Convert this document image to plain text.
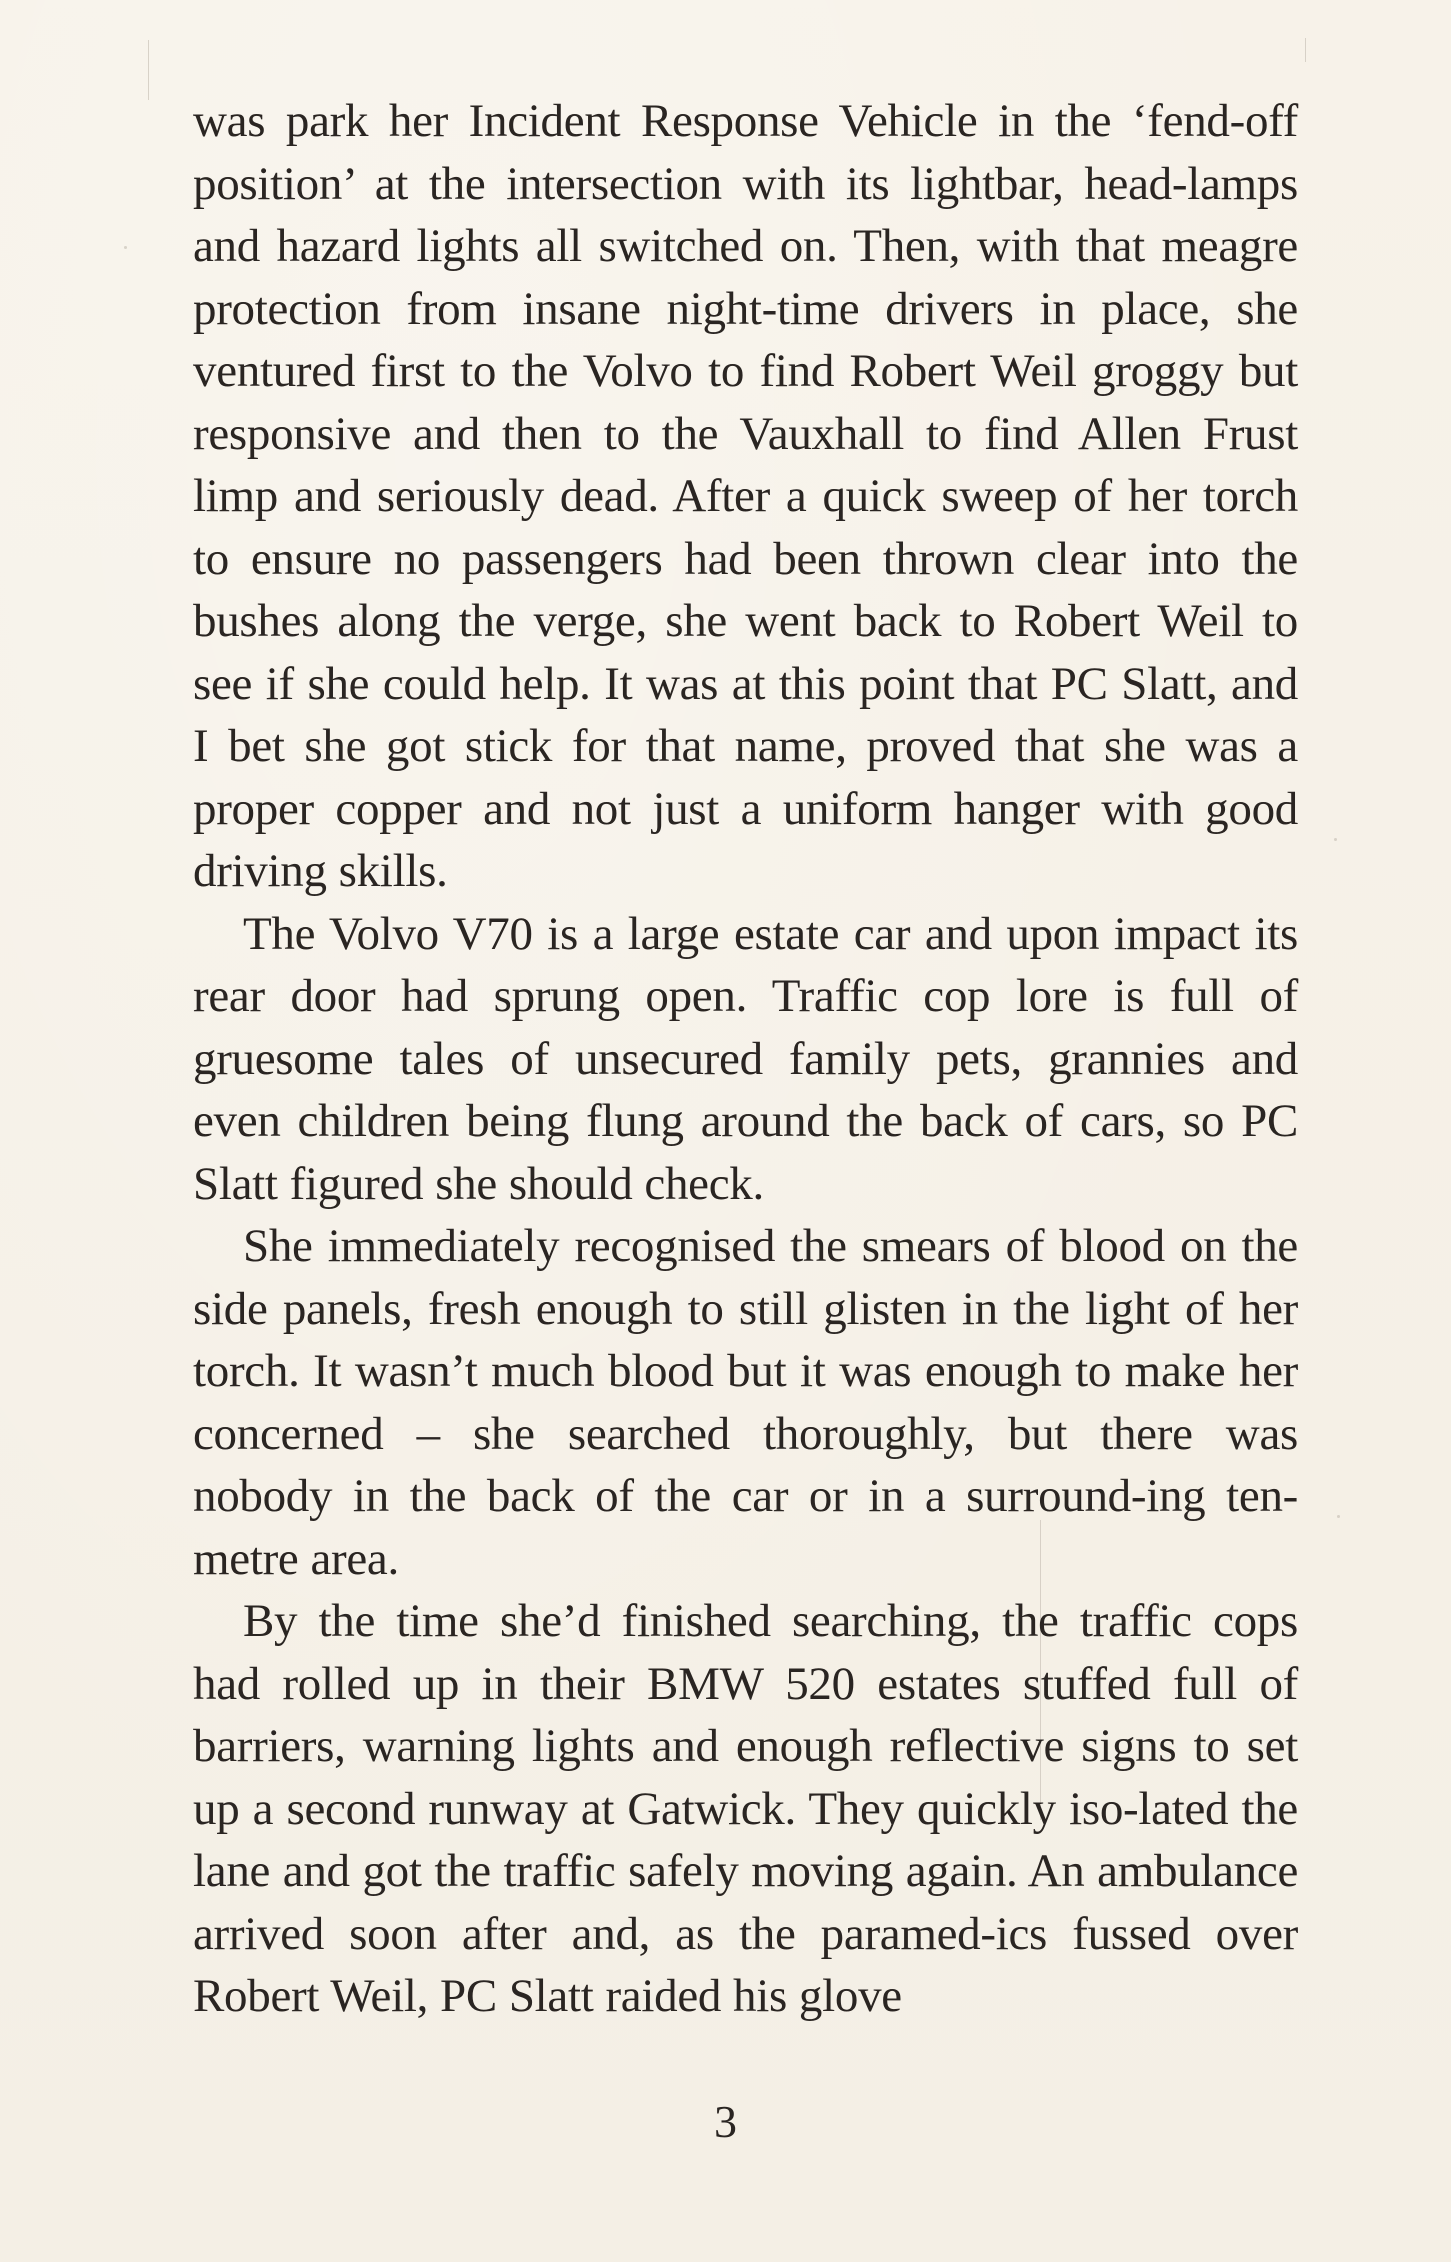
was park her Incident Response Vehicle in the ‘fend-off position’ at the intersection with its lightbar, head-lamps and hazard lights all switched on. Then, with that meagre protection from insane night-time drivers in place, she ventured first to the Volvo to find Robert Weil groggy but responsive and then to the Vauxhall to find Allen Frust limp and seriously dead. After a quick sweep of her torch to ensure no passengers had been thrown clear into the bushes along the verge, she went back to Robert Weil to see if she could help. It was at this point that PC Slatt, and I bet she got stick for that name, proved that she was a proper copper and not just a uniform hanger with good driving skills.

The Volvo V70 is a large estate car and upon impact its rear door had sprung open. Traffic cop lore is full of gruesome tales of unsecured family pets, grannies and even children being flung around the back of cars, so PC Slatt figured she should check.

She immediately recognised the smears of blood on the side panels, fresh enough to still glisten in the light of her torch. It wasn’t much blood but it was enough to make her concerned – she searched thoroughly, but there was nobody in the back of the car or in a surround-ing ten-metre area.

By the time she’d finished searching, the traffic cops had rolled up in their BMW 520 estates stuffed full of barriers, warning lights and enough reflective signs to set up a second runway at Gatwick. They quickly iso-lated the lane and got the traffic safely moving again. An ambulance arrived soon after and, as the paramed-ics fussed over Robert Weil, PC Slatt raided his glove

3
